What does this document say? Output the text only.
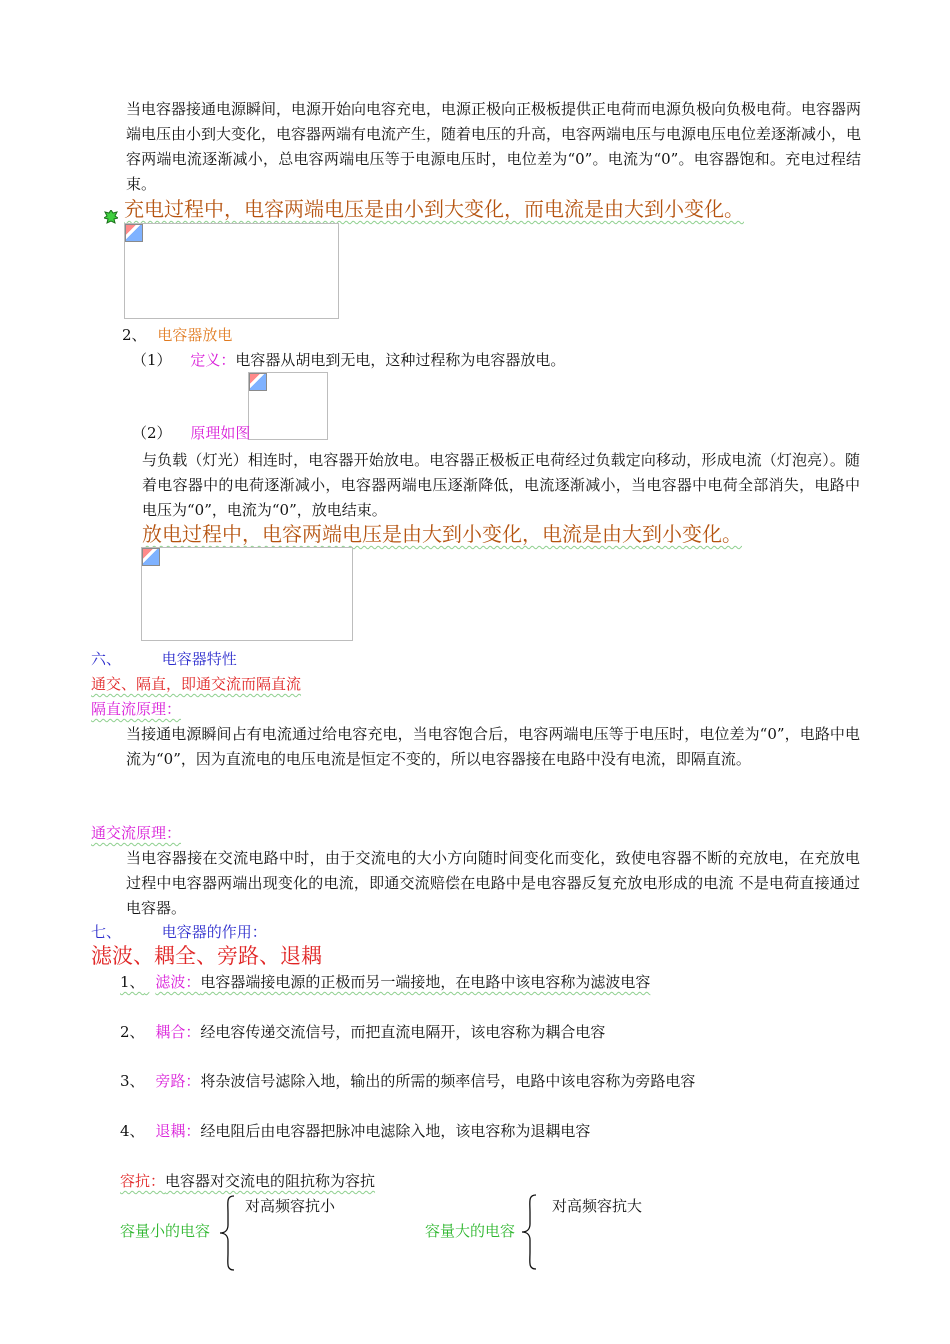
当电容器接通电源瞬间，电源开始向电容充电，电源正极向正极板提供正电荷而电源负极向负极电荷。电容器两端电压由小到大变化，电容器两端有电流产生，随着电压的升高，电容两端电压与电源电压电位差逐渐减小，电容两端电流逐渐减小，总电容两端电压等于电源电压时，电位差为“0”。电流为“0”。电容器饱和。充电过程结束。
充电过程中，电容两端电压是由小到大变化，而电流是由大到小变化。
2、 电容器放电
（1） 定义：电容器从胡电到无电，这种过程称为电容器放电。
（2） 原理如图
与负载（灯光）相连时，电容器开始放电。电容器正极板正电荷经过负载定向移动，形成电流（灯泡亮）。随着电容器中的电荷逐渐减小，电容器两端电压逐渐降低，电流逐渐减小，当电容器中电荷全部消失，电路中电压为“0”，电流为“0”，放电结束。
放电过程中，电容两端电压是由大到小变化，电流是由大到小变化。
六、	电容器特性
通交、隔直，即通交流而隔直流
隔直流原理：
当接通电源瞬间占有电流通过给电容充电，当电容饱合后，电容两端电压等于电压时，电位差为“0”，电路中电流为“0”，因为直流电的电压电流是恒定不变的，所以电容器接在电路中没有电流，即隔直流。
通交流原理：
当电容器接在交流电路中时，由于交流电的大小方向随时间变化而变化，致使电容器不断的充放电，在充放电过程中电容器两端出现变化的电流，即通交流赔偿在电路中是电容器反复充放电形成的电流 不是电荷直接通过电容器。
七、	电容器的作用：
滤波、耦全、旁路、退耦
1、 滤波：电容器端接电源的正极而另一端接地，在电路中该电容称为滤波电容
2、 耦合：经电容传递交流信号，而把直流电隔开，该电容称为耦合电容
3、 旁路：将杂波信号滤除入地，输出的所需的频率信号，电路中该电容称为旁路电容
4、 退耦：经电阻后由电容器把脉冲电滤除入地，该电容称为退耦电容
容抗：电容器对交流电的阻抗称为容抗
对高频容抗小
容量小的电容
对高频容抗大
容量大的电容
